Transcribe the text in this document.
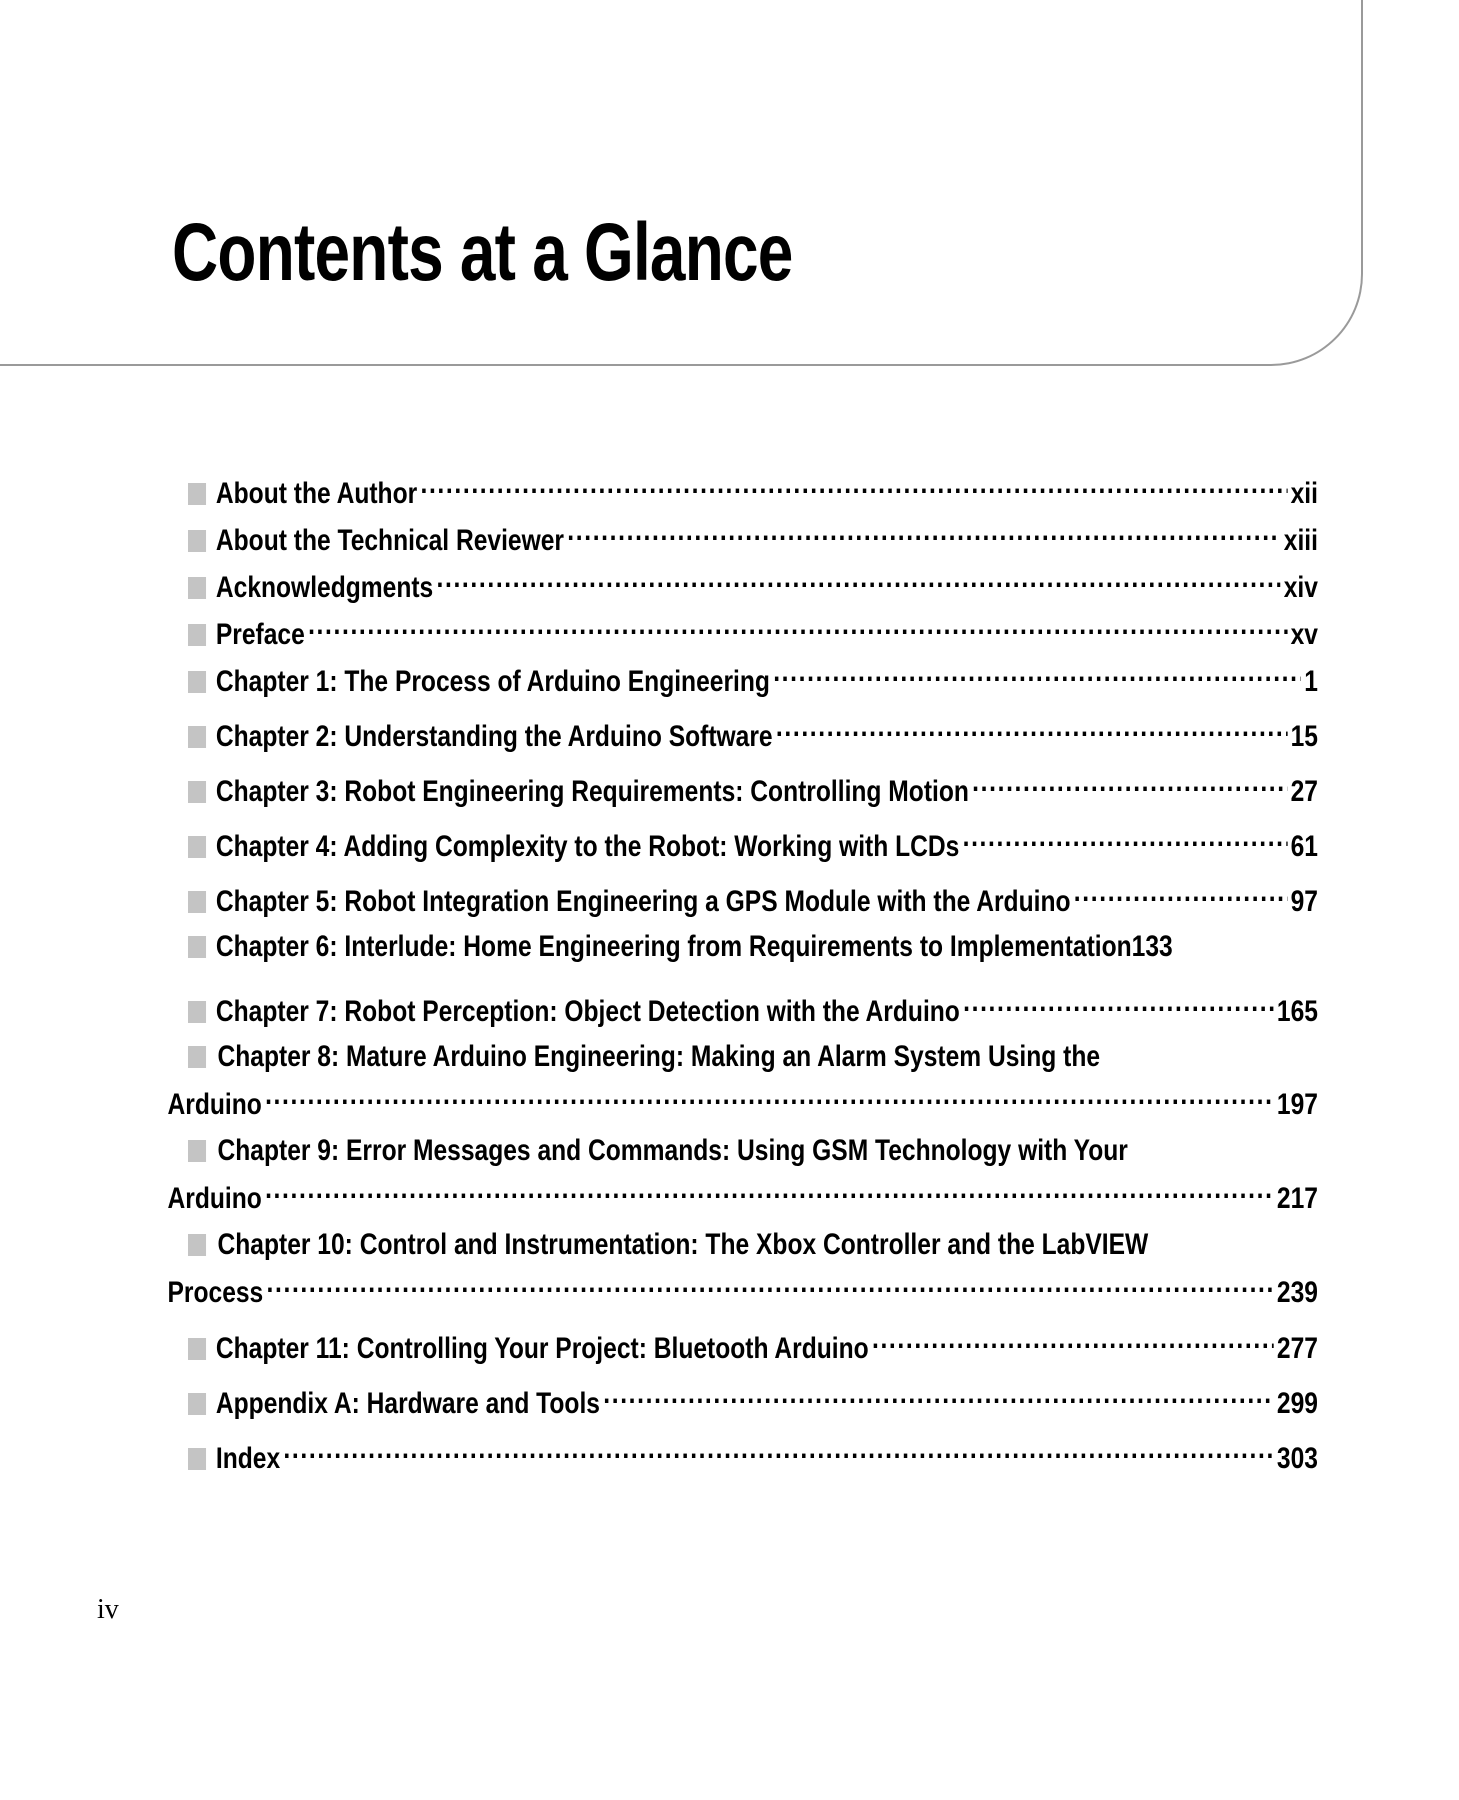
Contents at a Glance
About the Author .....	xii
About the Technical Reviewer .....	xiii
Acknowledgments .....	xiv
Preface .....	xv
Chapter 1: The Process of Arduino Engineering .....	1
Chapter 2: Understanding the Arduino Software .....	15
Chapter 3: Robot Engineering Requirements: Controlling Motion .....	27
Chapter 4: Adding Complexity to the Robot: Working with LCDs .....	61
Chapter 5: Robot Integration Engineering a GPS Module with the Arduino .....	97
Chapter 6: Interlude: Home Engineering from Requirements to Implementation 133
Chapter 7: Robot Perception: Object Detection with the Arduino .....	165
Chapter 8: Mature Arduino Engineering: Making an Alarm System Using the
Arduino .....	197
Chapter 9: Error Messages and Commands: Using GSM Technology with Your
Arduino .....	217
Chapter 10: Control and Instrumentation: The Xbox Controller and the LabVIEW
Process .....	239
Chapter 11: Controlling Your Project: Bluetooth Arduino .....	277
Appendix A: Hardware and Tools .....	299
Index .....	303
iv
